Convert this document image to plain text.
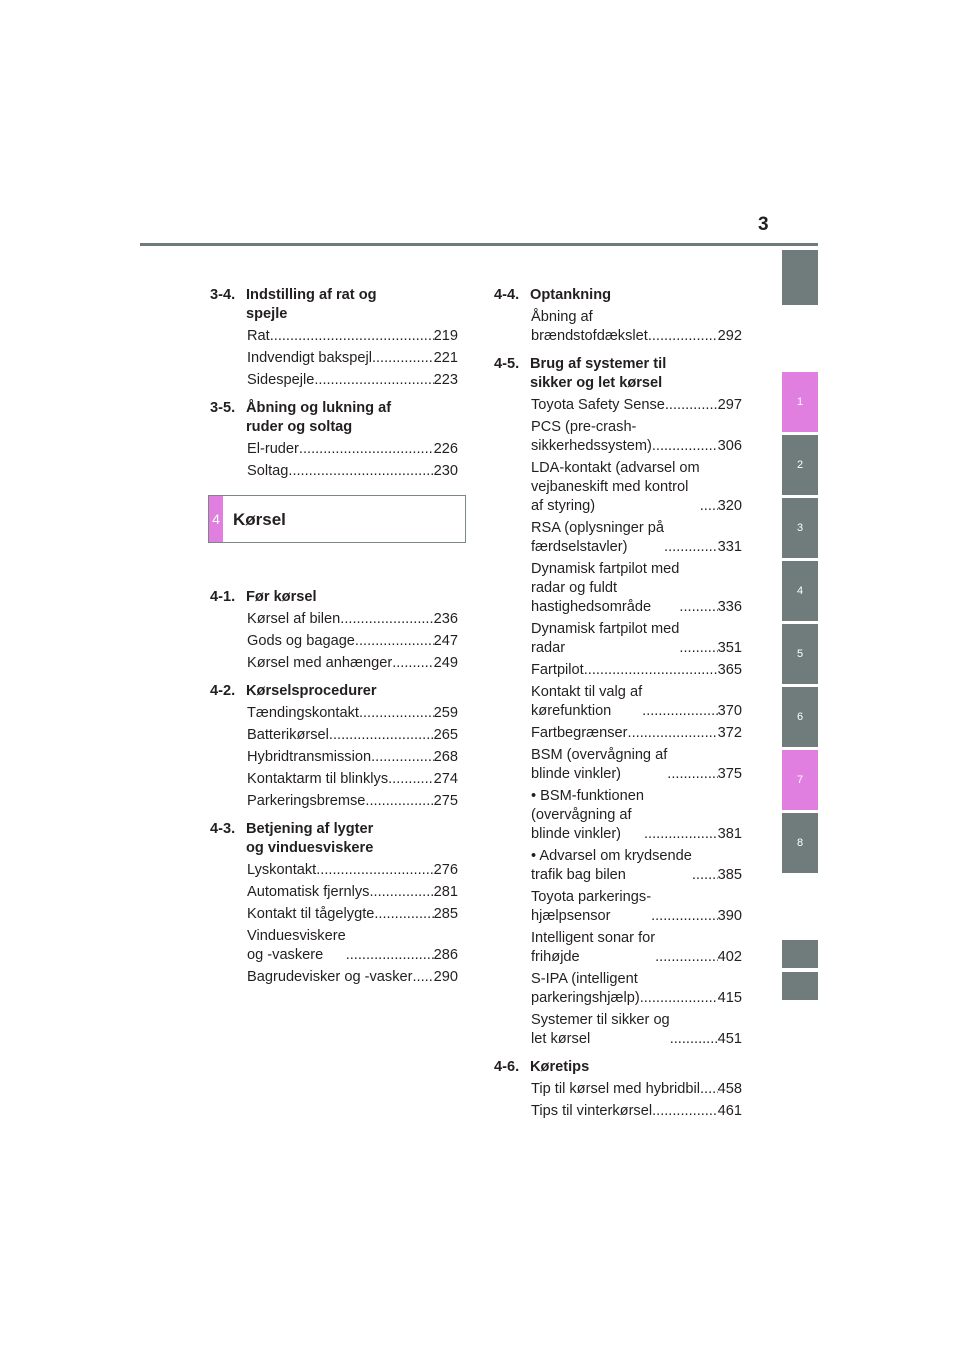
3
3-4. Indstilling af rat og
spejle
Rat .....	219
Indvendigt bakspejl .....	221
Sidespejle .....	223
3-5. Åbning og lukning af
ruder og soltag
El-ruder .....	226
Soltag .....	230
4 Kørsel
4-1. Før kørsel
Kørsel af bilen .....	236
Gods og bagage .....	247
Kørsel med anhænger .....	249
4-2. Kørselsprocedurer
Tændingskontakt .....	259
Batterikørsel .....	265
Hybridtransmission .....	268
Kontaktarm til blinklys .....	274
Parkeringsbremse .....	275
4-3. Betjening af lygter
og vinduesviskere
Lyskontakt .....	276
Automatisk fjernlys .....	281
Kontakt til tågelygte .....	285
Vinduesviskere
og -vaskere .....	286
Bagrudevisker og -vasker ..... 290
4-4. Optankning
Åbning af
brændstofdækslet .....	292
4-5. Brug af systemer til
sikker og let kørsel
Toyota Safety Sense .....	297
PCS (pre-crash-
sikkerhedssystem) .....	306
LDA-kontakt (advarsel om
vejbaneskift med kontrol
af styring) .....	320
RSA (oplysninger på
færdselstavler) .....	331
Dynamisk fartpilot med
radar og fuldt
hastighedsområde .....	336
Dynamisk fartpilot med
radar .....	351
Fartpilot .....	365
Kontakt til valg af
kørefunktion .....	370
Fartbegrænser .....	372
BSM (overvågning af
blinde vinkler) .....	375
• BSM-funktionen
(overvågning af
blinde vinkler) .....	381
• Advarsel om krydsende
trafik bag bilen .....	385
Toyota parkerings-
hjælpsensor .....	390
Intelligent sonar for
frihøjde .....	402
S-IPA (intelligent
parkeringshjælp) .....	415
Systemer til sikker og
let kørsel .....	451
4-6. Køretips
Tip til kørsel med hybridbil ..... 458
Tips til vinterkørsel .....	461
1
2
3
4
5
6
7
8
